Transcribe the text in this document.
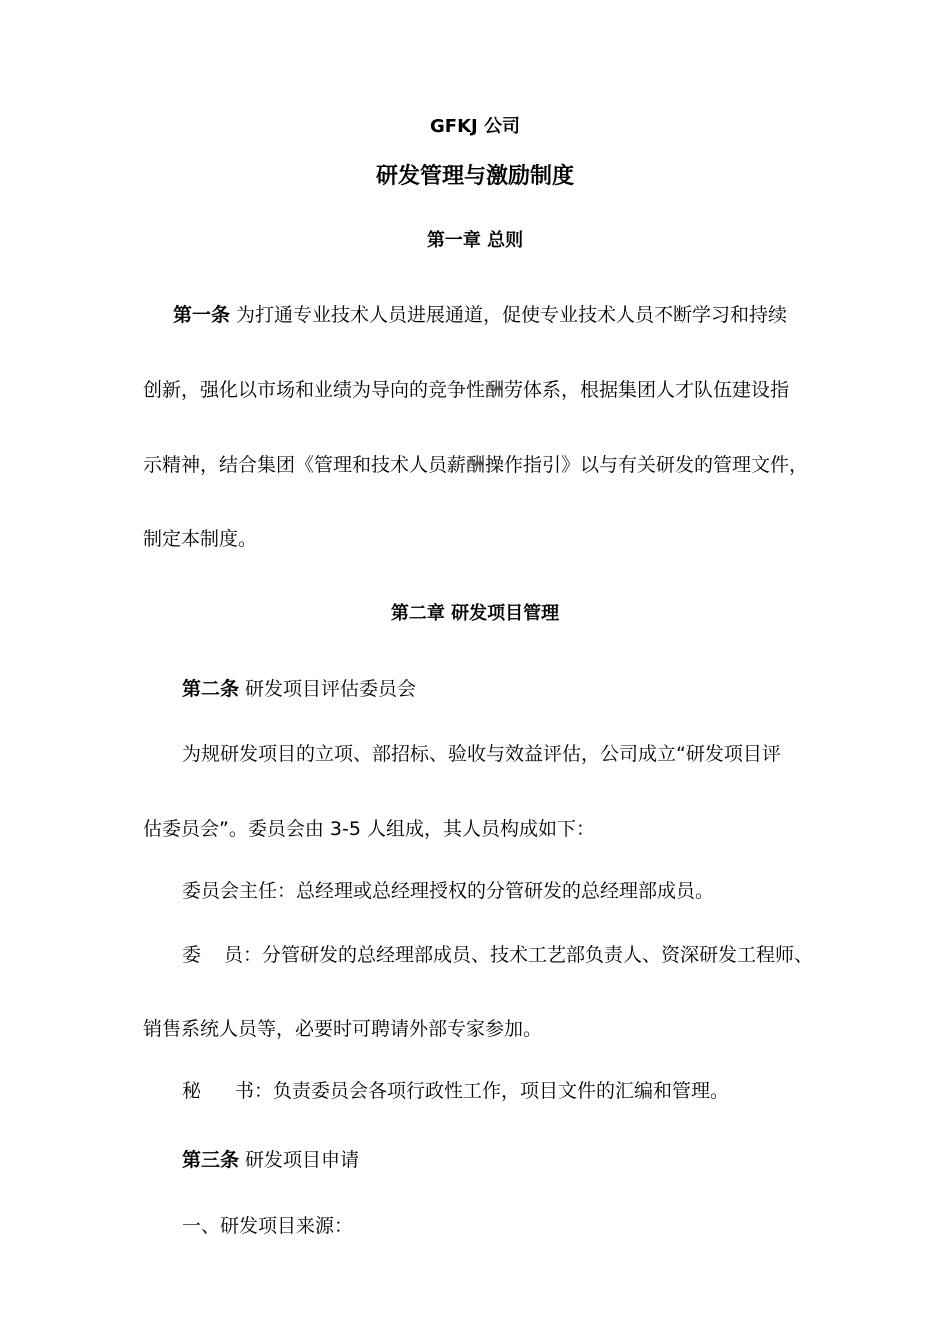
GFKJ 公司
研发管理与激励制度
第一章 总则
第一条 为打通专业技术人员进展通道，促使专业技术人员不断学习和持续
创新，强化以市场和业绩为导向的竞争性酬劳体系，根据集团人才队伍建设指
示精神，结合集团《管理和技术人员薪酬操作指引》以与有关研发的管理文件，
制定本制度。
第二章 研发项目管理
第二条 研发项目评估委员会
为规研发项目的立项、部招标、验收与效益评估，公司成立“研发项目评
估委员会”。委员会由 3-5 人组成，其人员构成如下：
委员会主任：总经理或总经理授权的分管研发的总经理部成员。
委 员：分管研发的总经理部成员、技术工艺部负责人、资深研发工程师、
销售系统人员等，必要时可聘请外部专家参加。
秘 书：负责委员会各项行政性工作，项目文件的汇编和管理。
第三条 研发项目申请
一、研发项目来源：
